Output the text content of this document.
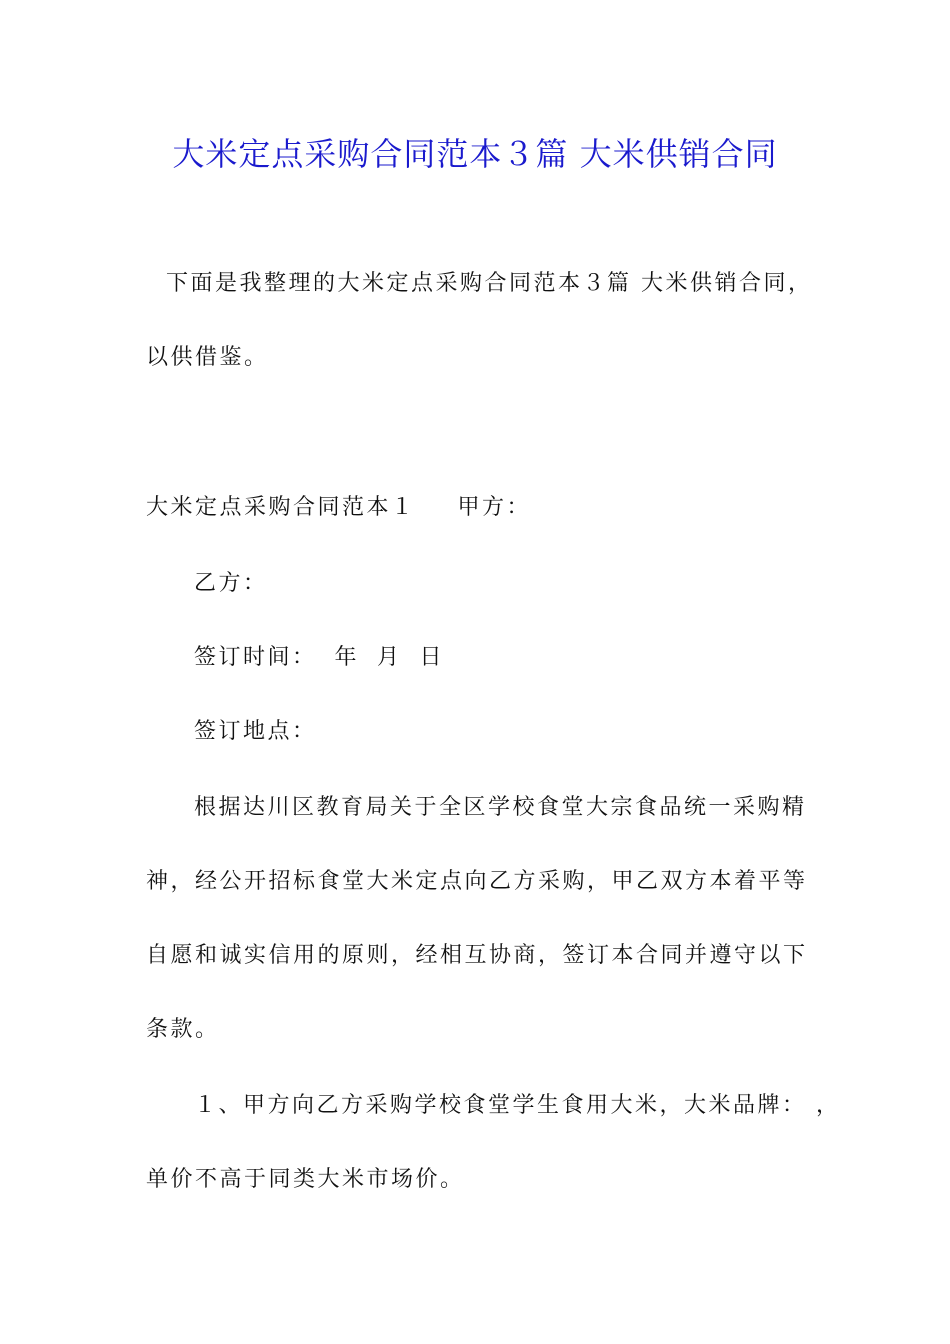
大米定点采购合同范本３篇 大米供销合同
下面是我整理的大米定点采购合同范本３篇 大米供销合同，
以供借鉴。
大米定点采购合同范本１ 甲方：
乙方：
签订时间： 年 月 日
签订地点：
根据达川区教育局关于全区学校食堂大宗食品统一采购精
神，经公开招标食堂大米定点向乙方采购，甲乙双方本着平等
自愿和诚实信用的原则，经相互协商，签订本合同并遵守以下
条款。
１、甲方向乙方采购学校食堂学生食用大米，大米品牌： ，
单价不高于同类大米市场价。
